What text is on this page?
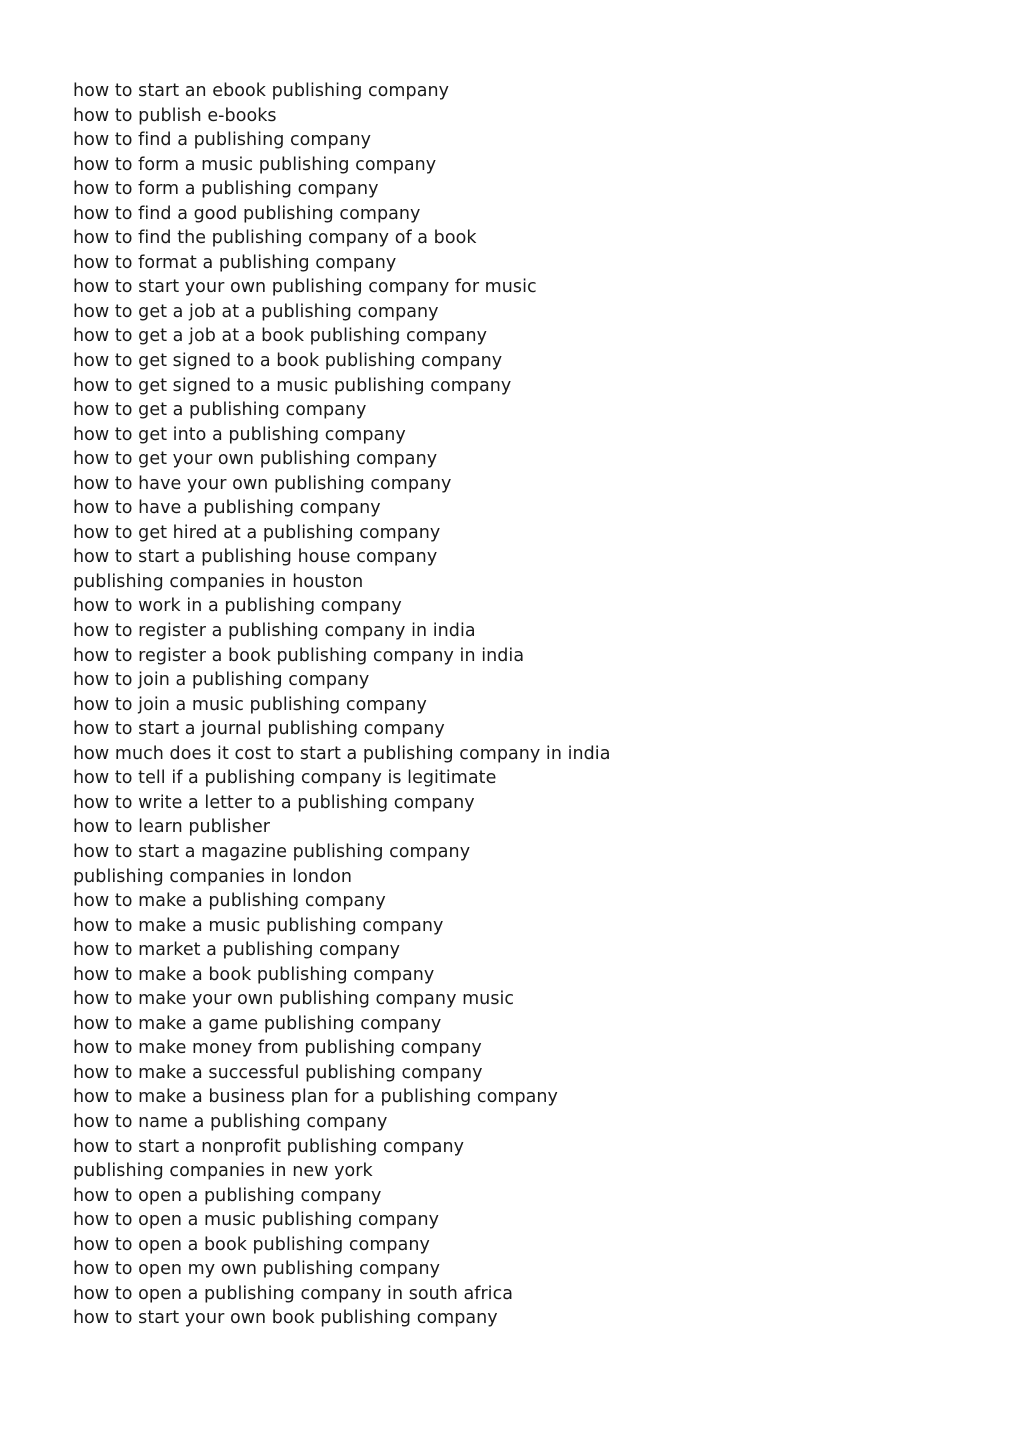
how to start an ebook publishing company
how to publish e-books
how to find a publishing company
how to form a music publishing company
how to form a publishing company
how to find a good publishing company
how to find the publishing company of a book
how to format a publishing company
how to start your own publishing company for music
how to get a job at a publishing company
how to get a job at a book publishing company
how to get signed to a book publishing company
how to get signed to a music publishing company
how to get a publishing company
how to get into a publishing company
how to get your own publishing company
how to have your own publishing company
how to have a publishing company
how to get hired at a publishing company
how to start a publishing house company
publishing companies in houston
how to work in a publishing company
how to register a publishing company in india
how to register a book publishing company in india
how to join a publishing company
how to join a music publishing company
how to start a journal publishing company
how much does it cost to start a publishing company in india
how to tell if a publishing company is legitimate
how to write a letter to a publishing company
how to learn publisher
how to start a magazine publishing company
publishing companies in london
how to make a publishing company
how to make a music publishing company
how to market a publishing company
how to make a book publishing company
how to make your own publishing company music
how to make a game publishing company
how to make money from publishing company
how to make a successful publishing company
how to make a business plan for a publishing company
how to name a publishing company
how to start a nonprofit publishing company
publishing companies in new york
how to open a publishing company
how to open a music publishing company
how to open a book publishing company
how to open my own publishing company
how to open a publishing company in south africa
how to start your own book publishing company
